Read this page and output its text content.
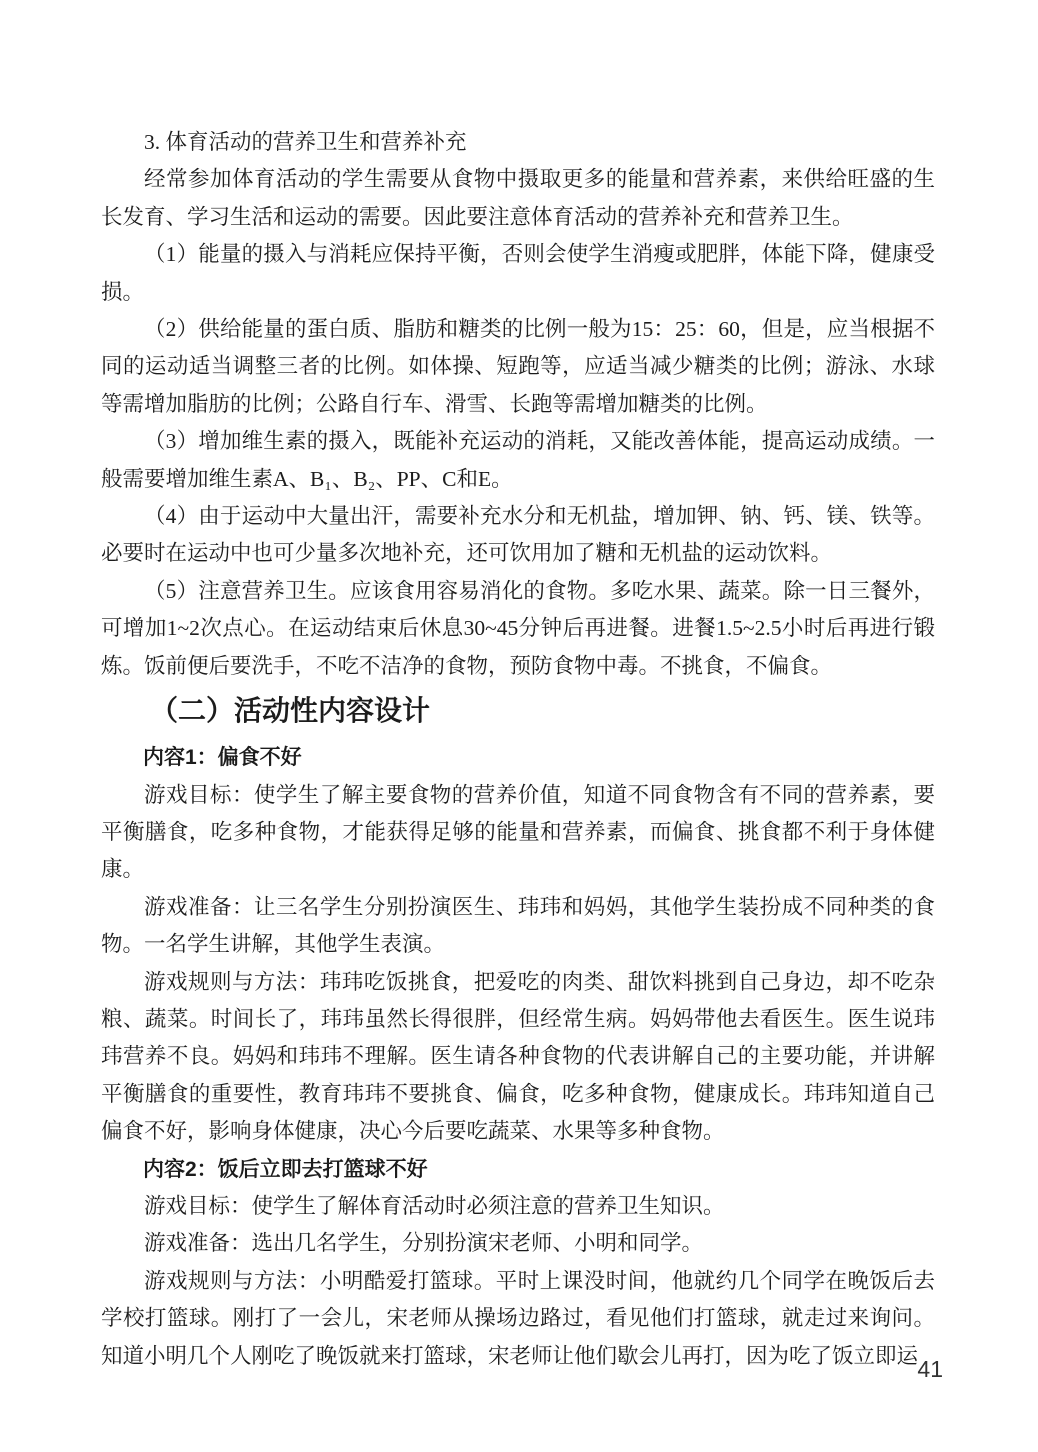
3. 体育活动的营养卫生和营养补充

经常参加体育活动的学生需要从食物中摄取更多的能量和营养素，来供给旺盛的生长发育、学习生活和运动的需要。因此要注意体育活动的营养补充和营养卫生。

（1）能量的摄入与消耗应保持平衡，否则会使学生消瘦或肥胖，体能下降，健康受损。

（2）供给能量的蛋白质、脂肪和糖类的比例一般为15：25：60，但是，应当根据不同的运动适当调整三者的比例。如体操、短跑等，应适当减少糖类的比例；游泳、水球等需增加脂肪的比例；公路自行车、滑雪、长跑等需增加糖类的比例。

（3）增加维生素的摄入，既能补充运动的消耗，又能改善体能，提高运动成绩。一般需要增加维生素A、B₁、B₂、PP、C和E。

（4）由于运动中大量出汗，需要补充水分和无机盐，增加钾、钠、钙、镁、铁等。必要时在运动中也可少量多次地补充，还可饮用加了糖和无机盐的运动饮料。

（5）注意营养卫生。应该食用容易消化的食物。多吃水果、蔬菜。除一日三餐外，可增加1~2次点心。在运动结束后休息30~45分钟后再进餐。进餐1.5~2.5小时后再进行锻炼。饭前便后要洗手，不吃不洁净的食物，预防食物中毒。不挑食，不偏食。

（二）活动性内容设计

内容1：偏食不好

游戏目标：使学生了解主要食物的营养价值，知道不同食物含有不同的营养素，要平衡膳食，吃多种食物，才能获得足够的能量和营养素，而偏食、挑食都不利于身体健康。

游戏准备：让三名学生分别扮演医生、玮玮和妈妈，其他学生装扮成不同种类的食物。一名学生讲解，其他学生表演。

游戏规则与方法：玮玮吃饭挑食，把爱吃的肉类、甜饮料挑到自己身边，却不吃杂粮、蔬菜。时间长了，玮玮虽然长得很胖，但经常生病。妈妈带他去看医生。医生说玮玮营养不良。妈妈和玮玮不理解。医生请各种食物的代表讲解自己的主要功能，并讲解平衡膳食的重要性，教育玮玮不要挑食、偏食，吃多种食物，健康成长。玮玮知道自己偏食不好，影响身体健康，决心今后要吃蔬菜、水果等多种食物。

内容2：饭后立即去打篮球不好

游戏目标：使学生了解体育活动时必须注意的营养卫生知识。

游戏准备：选出几名学生，分别扮演宋老师、小明和同学。

游戏规则与方法：小明酷爱打篮球。平时上课没时间，他就约几个同学在晚饭后去学校打篮球。刚打了一会儿，宋老师从操场边路过，看见他们打篮球，就走过来询问。知道小明几个人刚吃了晚饭就来打篮球，宋老师让他们歇会儿再打，因为吃了饭立即运

41
